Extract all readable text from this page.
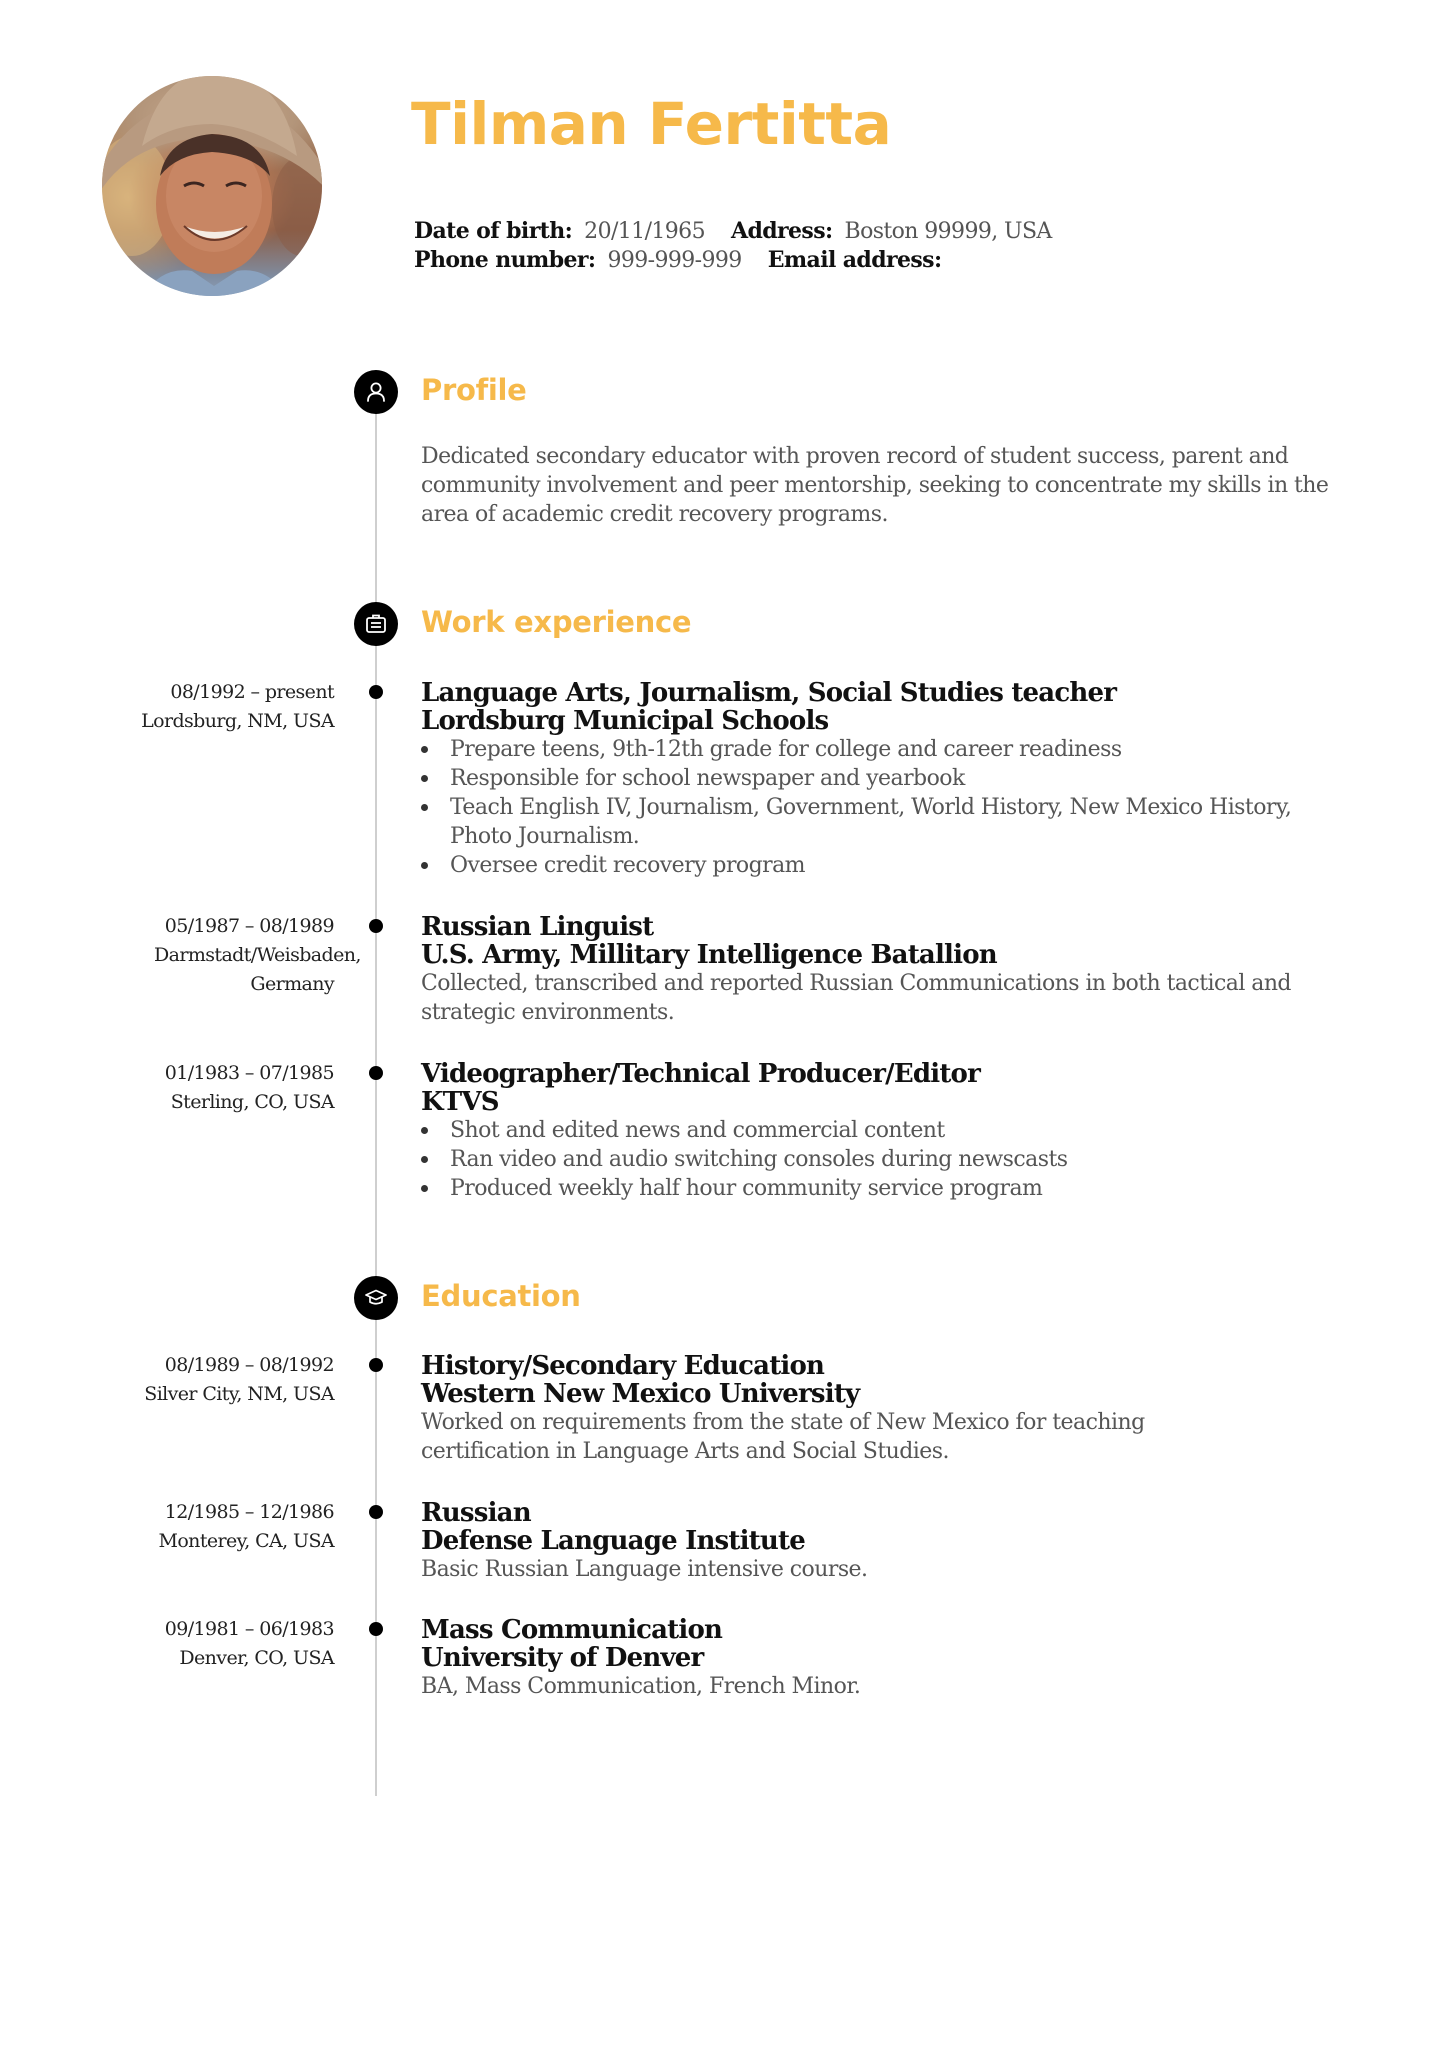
Tilman Fertitta
Date of birth: 20/11/1965 Address: Boston 99999, USA
Phone number: 999-999-999 Email address:
Profile
Dedicated secondary educator with proven record of student success, parent and community involvement and peer mentorship, seeking to concentrate my skills in the area of academic credit recovery programs.
Work experience
08/1992 – present
Lordsburg, NM, USA
Language Arts, Journalism, Social Studies teacher
Lordsburg Municipal Schools
Prepare teens, 9th-12th grade for college and career readiness
Responsible for school newspaper and yearbook
Teach English IV, Journalism, Government, World History, New Mexico History, Photo Journalism.
Oversee credit recovery program
05/1987 – 08/1989
Darmstadt/Weisbaden, Germany
Russian Linguist
U.S. Army, Millitary Intelligence Batallion
Collected, transcribed and reported Russian Communications in both tactical and strategic environments.
01/1983 – 07/1985
Sterling, CO, USA
Videographer/Technical Producer/Editor
KTVS
Shot and edited news and commercial content
Ran video and audio switching consoles during newscasts
Produced weekly half hour community service program
Education
08/1989 – 08/1992
Silver City, NM, USA
History/Secondary Education
Western New Mexico University
Worked on requirements from the state of New Mexico for teaching certification in Language Arts and Social Studies.
12/1985 – 12/1986
Monterey, CA, USA
Russian
Defense Language Institute
Basic Russian Language intensive course.
09/1981 – 06/1983
Denver, CO, USA
Mass Communication
University of Denver
BA, Mass Communication, French Minor.
